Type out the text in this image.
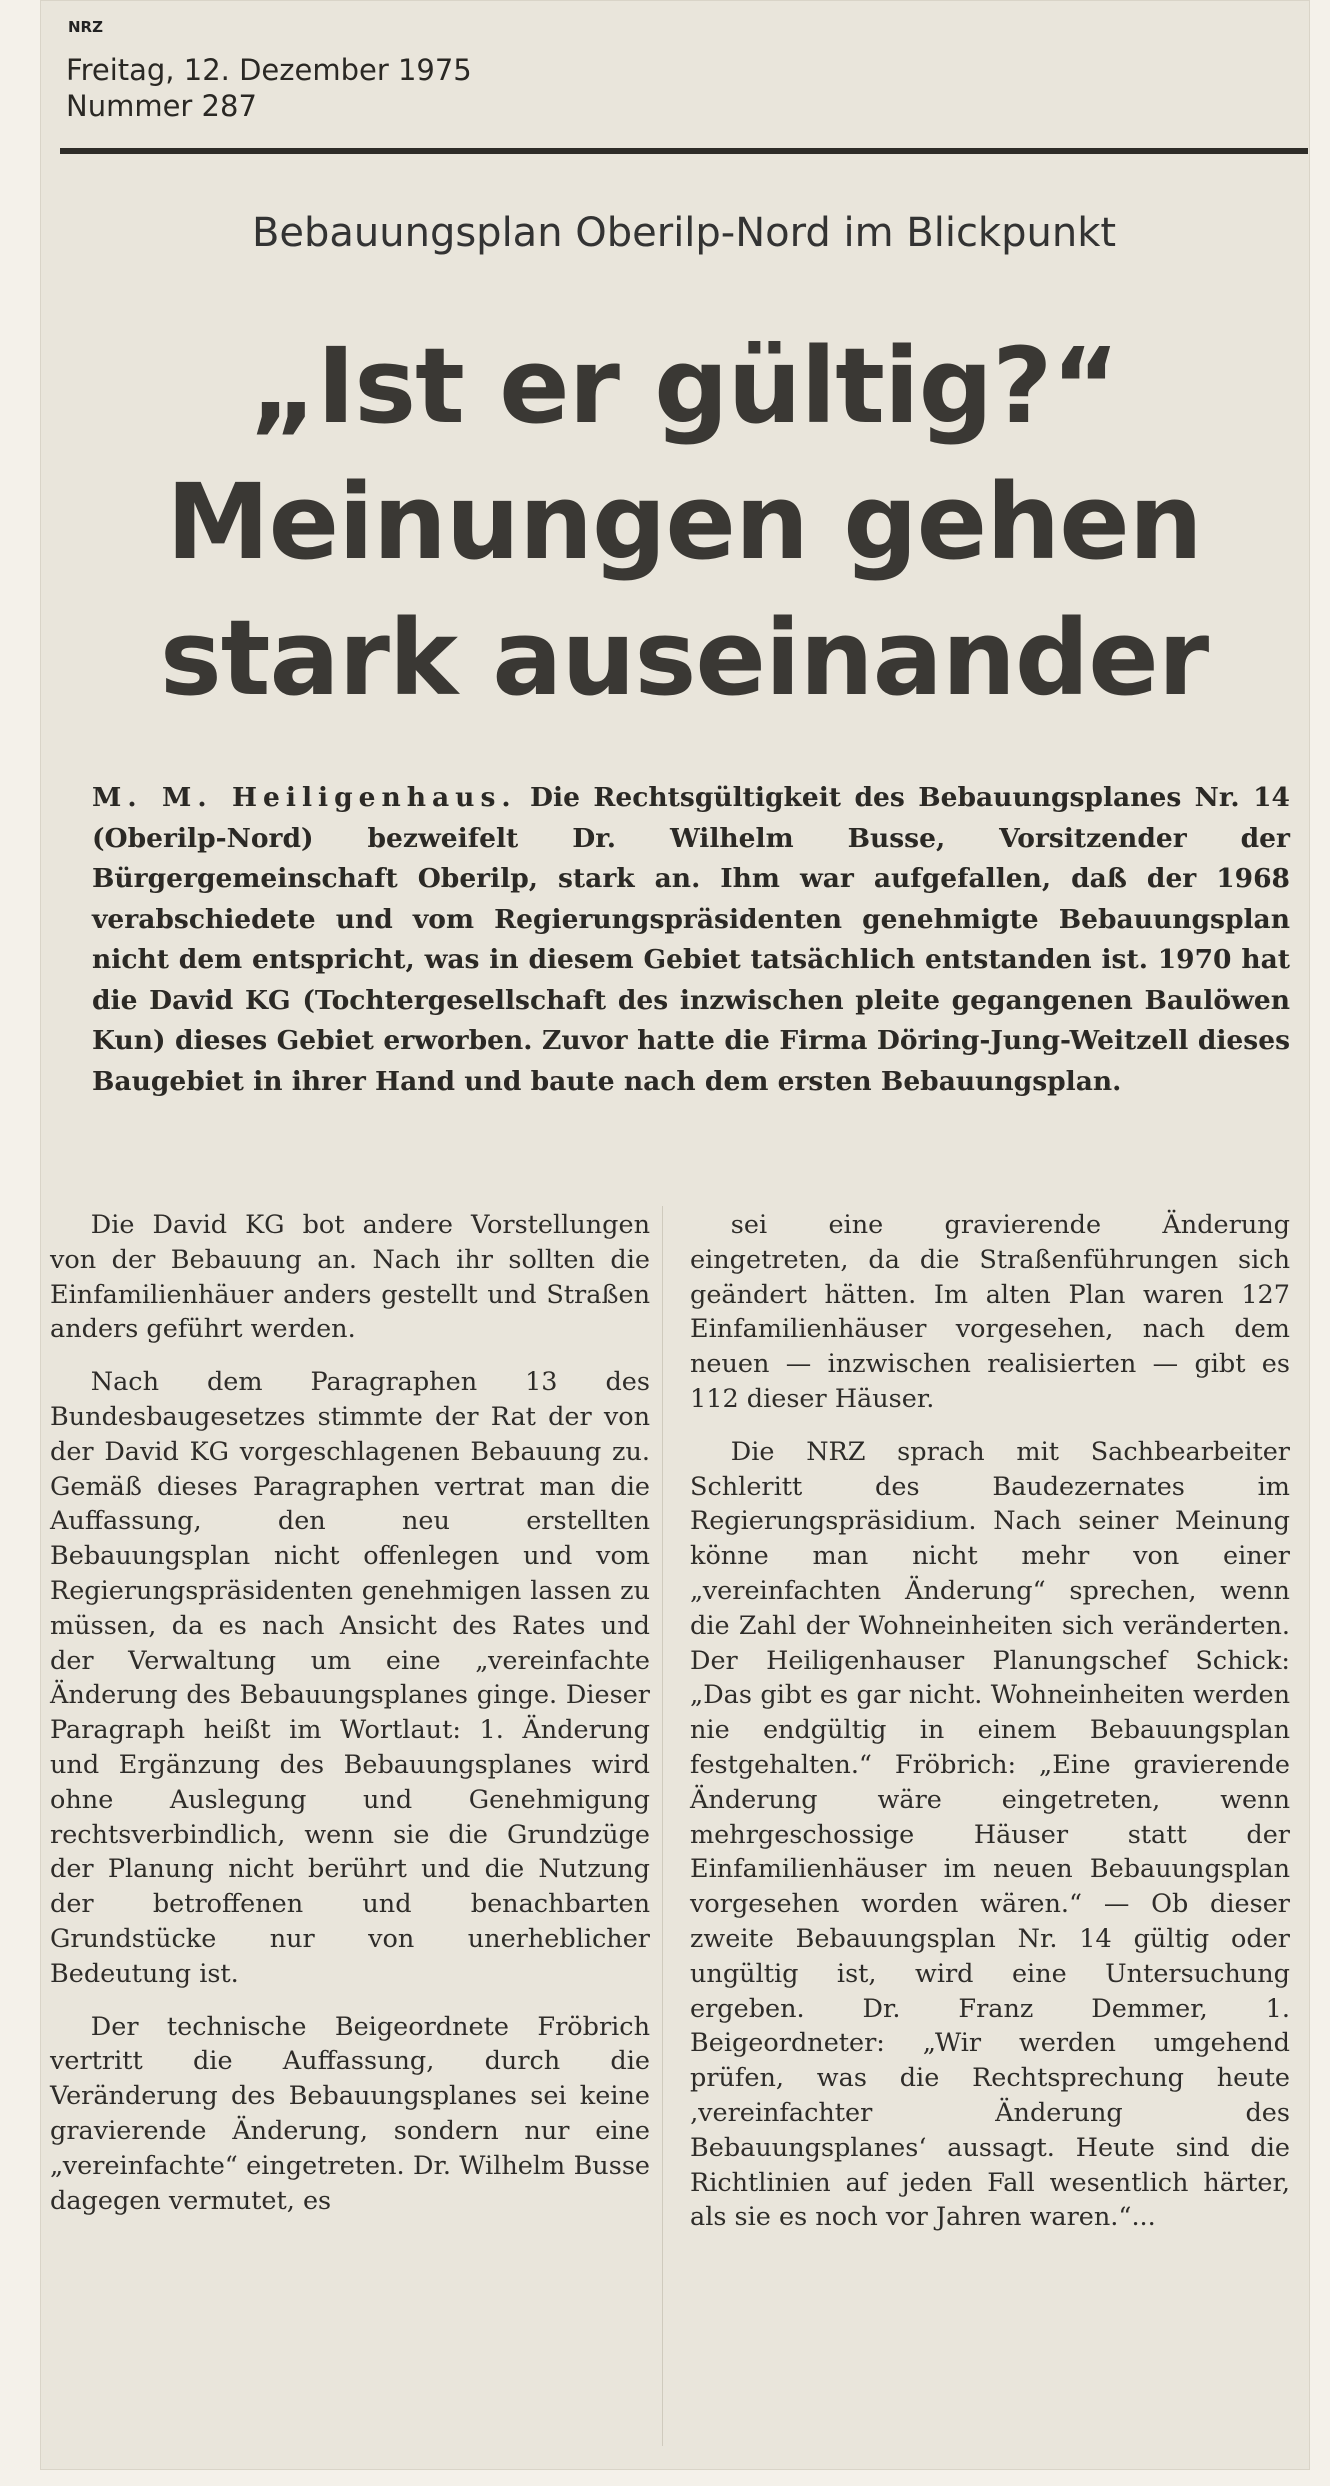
NRZ
Freitag, 12. Dezember 1975
Nummer 287
Bebauungsplan Oberilp-Nord im Blickpunkt
„Ist er gültig?“
Meinungen gehen
stark auseinander
M. M. Heiligenhaus. Die Rechtsgültigkeit des Bebauungsplanes Nr. 14 (Oberilp-Nord) bezweifelt Dr. Wilhelm Busse, Vorsitzender der Bürgergemeinschaft Oberilp, stark an. Ihm war aufgefallen, daß der 1968 verabschiedete und vom Regierungspräsidenten genehmigte Bebauungsplan nicht dem entspricht, was in diesem Gebiet tatsächlich entstanden ist. 1970 hat die David KG (Tochtergesellschaft des inzwischen pleite gegangenen Baulöwen Kun) dieses Gebiet erworben. Zuvor hatte die Firma Döring-Jung-Weitzell dieses Baugebiet in ihrer Hand und baute nach dem ersten Bebauungsplan.

Die David KG bot andere Vorstellungen von der Bebauung an. Nach ihr sollten die Einfamilienhäuer anders gestellt und Straßen anders geführt werden.

Nach dem Paragraphen 13 des Bundesbaugesetzes stimmte der Rat der von der David KG vorgeschlagenen Bebauung zu. Gemäß dieses Paragraphen vertrat man die Auffassung, den neu erstellten Bebauungsplan nicht offenlegen und vom Regierungspräsidenten genehmigen lassen zu müssen, da es nach Ansicht des Rates und der Verwaltung um eine „vereinfachte Änderung des Bebauungsplanes ginge. Dieser Paragraph heißt im Wortlaut: 1. Änderung und Ergänzung des Bebauungsplanes wird ohne Auslegung und Genehmigung rechtsverbindlich, wenn sie die Grundzüge der Planung nicht berührt und die Nutzung der betroffenen und benachbarten Grundstücke nur von unerheblicher Bedeutung ist.

Der technische Beigeordnete Fröbrich vertritt die Auffassung, durch die Veränderung des Bebauungsplanes sei keine gravierende Änderung, sondern nur eine „vereinfachte“ eingetreten. Dr. Wilhelm Busse dagegen vermutet, es

sei eine gravierende Änderung eingetreten, da die Straßenführungen sich geändert hätten. Im alten Plan waren 127 Einfamilienhäuser vorgesehen, nach dem neuen — inzwischen realisierten — gibt es 112 dieser Häuser.

Die NRZ sprach mit Sachbearbeiter Schleritt des Baudezernates im Regierungspräsidium. Nach seiner Meinung könne man nicht mehr von einer „vereinfachten Änderung“ sprechen, wenn die Zahl der Wohneinheiten sich veränderten. Der Heiligenhauser Planungschef Schick: „Das gibt es gar nicht. Wohneinheiten werden nie endgültig in einem Bebauungsplan festgehalten.“ Fröbrich: „Eine gravierende Änderung wäre eingetreten, wenn mehrgeschossige Häuser statt der Einfamilienhäuser im neuen Bebauungsplan vorgesehen worden wären.“ — Ob dieser zweite Bebauungsplan Nr. 14 gültig oder ungültig ist, wird eine Untersuchung ergeben. Dr. Franz Demmer, 1. Beigeordneter: „Wir werden umgehend prüfen, was die Rechtsprechung heute ‚vereinfachter Änderung des Bebauungsplanes‘ aussagt. Heute sind die Richtlinien auf jeden Fall wesentlich härter, als sie es noch vor Jahren waren.“...
